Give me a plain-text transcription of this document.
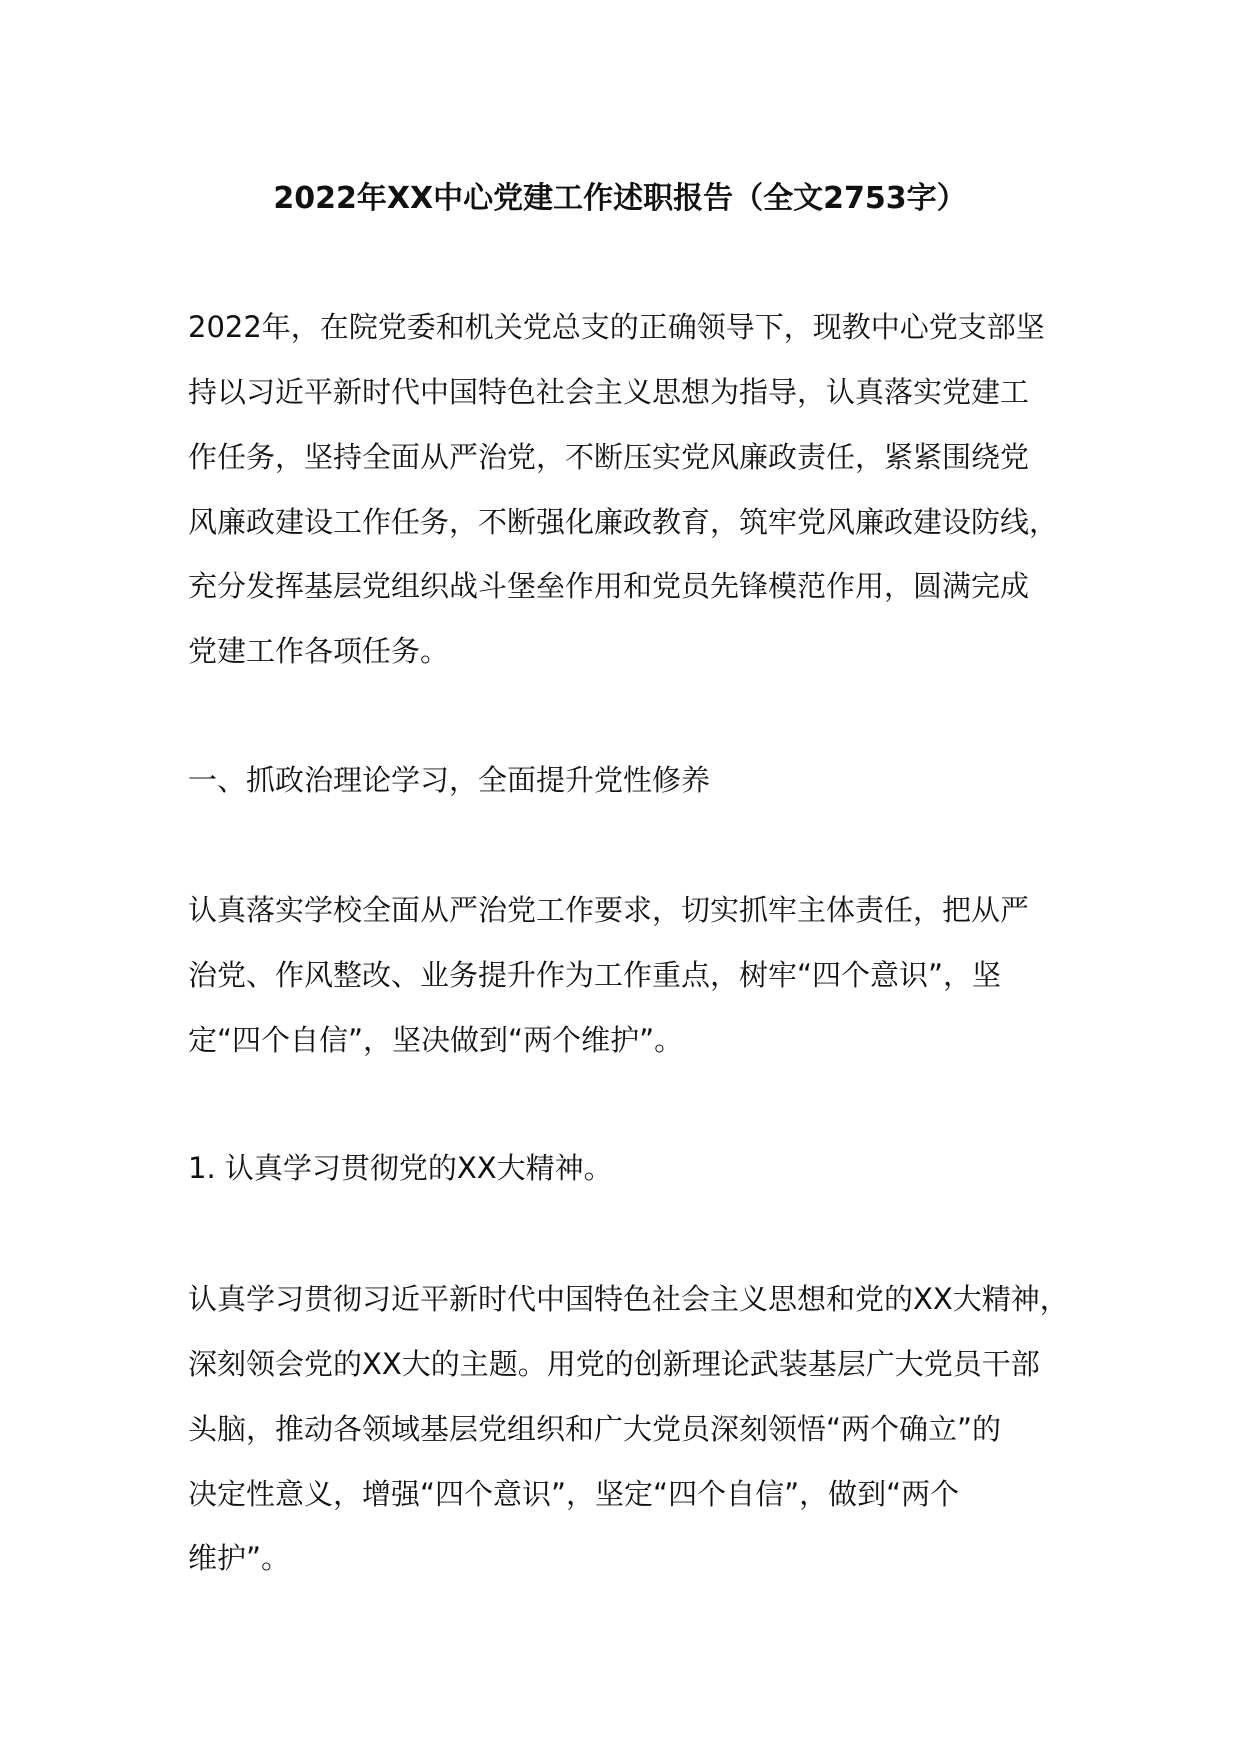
2022年XX中心党建工作述职报告（全文2753字）
2022年，在院党委和机关党总支的正确领导下，现教中心党支部坚
持以习近平新时代中国特色社会主义思想为指导，认真落实党建工
作任务，坚持全面从严治党，不断压实党风廉政责任，紧紧围绕党
风廉政建设工作任务，不断强化廉政教育，筑牢党风廉政建设防线，
充分发挥基层党组织战斗堡垒作用和党员先锋模范作用，圆满完成
党建工作各项任务。
一、抓政治理论学习，全面提升党性修养
认真落实学校全面从严治党工作要求，切实抓牢主体责任，把从严
治党、作风整改、业务提升作为工作重点，树牢“四个意识”，坚
定“四个自信”，坚决做到“两个维护”。
1. 认真学习贯彻党的XX大精神。
认真学习贯彻习近平新时代中国特色社会主义思想和党的XX大精神，
深刻领会党的XX大的主题。用党的创新理论武装基层广大党员干部
头脑，推动各领域基层党组织和广大党员深刻领悟“两个确立”的
决定性意义，增强“四个意识”，坚定“四个自信”，做到“两个
维护”。
